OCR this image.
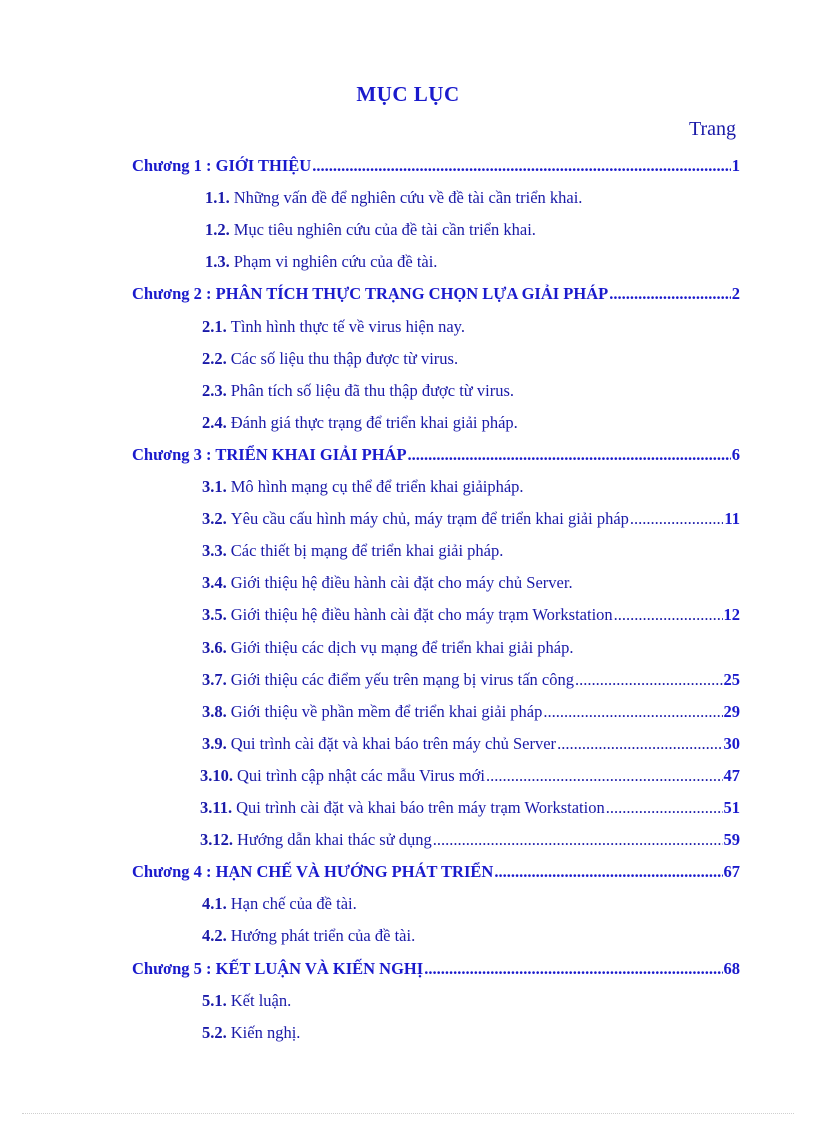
MỤC LỤC
Trang
Chương 1 : GIỚI THIỆU .....	1
1.1. Những vấn đề để nghiên cứu về đề tài cần triển khai.
1.2. Mục tiêu nghiên cứu của đề tài cần triển khai.
1.3. Phạm vi nghiên cứu của đề tài.
Chương 2 : PHÂN TÍCH THỰC TRẠNG CHỌN LỰA GIẢI PHÁP .....	2
2.1. Tình hình thực tế về virus hiện nay.
2.2. Các số liệu thu thập được từ virus.
2.3. Phân tích số liệu đã thu thập được từ virus.
2.4. Đánh giá thực trạng để triển khai giải pháp.
Chương 3 : TRIỂN KHAI GIẢI PHÁP .....	6
3.1. Mô hình mạng cụ thể để triển khai giảipháp.
3.2. Yêu cầu cấu hình máy chủ, máy trạm để triển khai giải pháp .....	11
3.3. Các thiết bị mạng để triển khai giải pháp.
3.4. Giới thiệu hệ điều hành cài đặt cho máy chủ Server.
3.5. Giới thiệu hệ điều hành cài đặt cho máy trạm Workstation .....	12
3.6. Giới thiệu các dịch vụ mạng để triển khai giải pháp.
3.7. Giới thiệu các điểm yếu trên mạng bị virus tấn công .....	25
3.8. Giới thiệu về phần mềm để triển khai giải pháp .....	29
3.9. Qui trình cài đặt và khai báo trên máy chủ Server .....	30
3.10. Qui trình cập nhật các mẫu Virus mới .....	47
3.11. Qui trình cài đặt và khai báo trên máy trạm Workstation .....	51
3.12. Hướng dẫn khai thác sử dụng .....	59
Chương 4 : HẠN CHẾ VÀ HƯỚNG PHÁT TRIỂN .....	67
4.1. Hạn chế của đề tài.
4.2. Hướng phát triển của đề tài.
Chương 5 : KẾT LUẬN VÀ KIẾN NGHỊ .....	68
5.1. Kết luận.
5.2. Kiến nghị.
